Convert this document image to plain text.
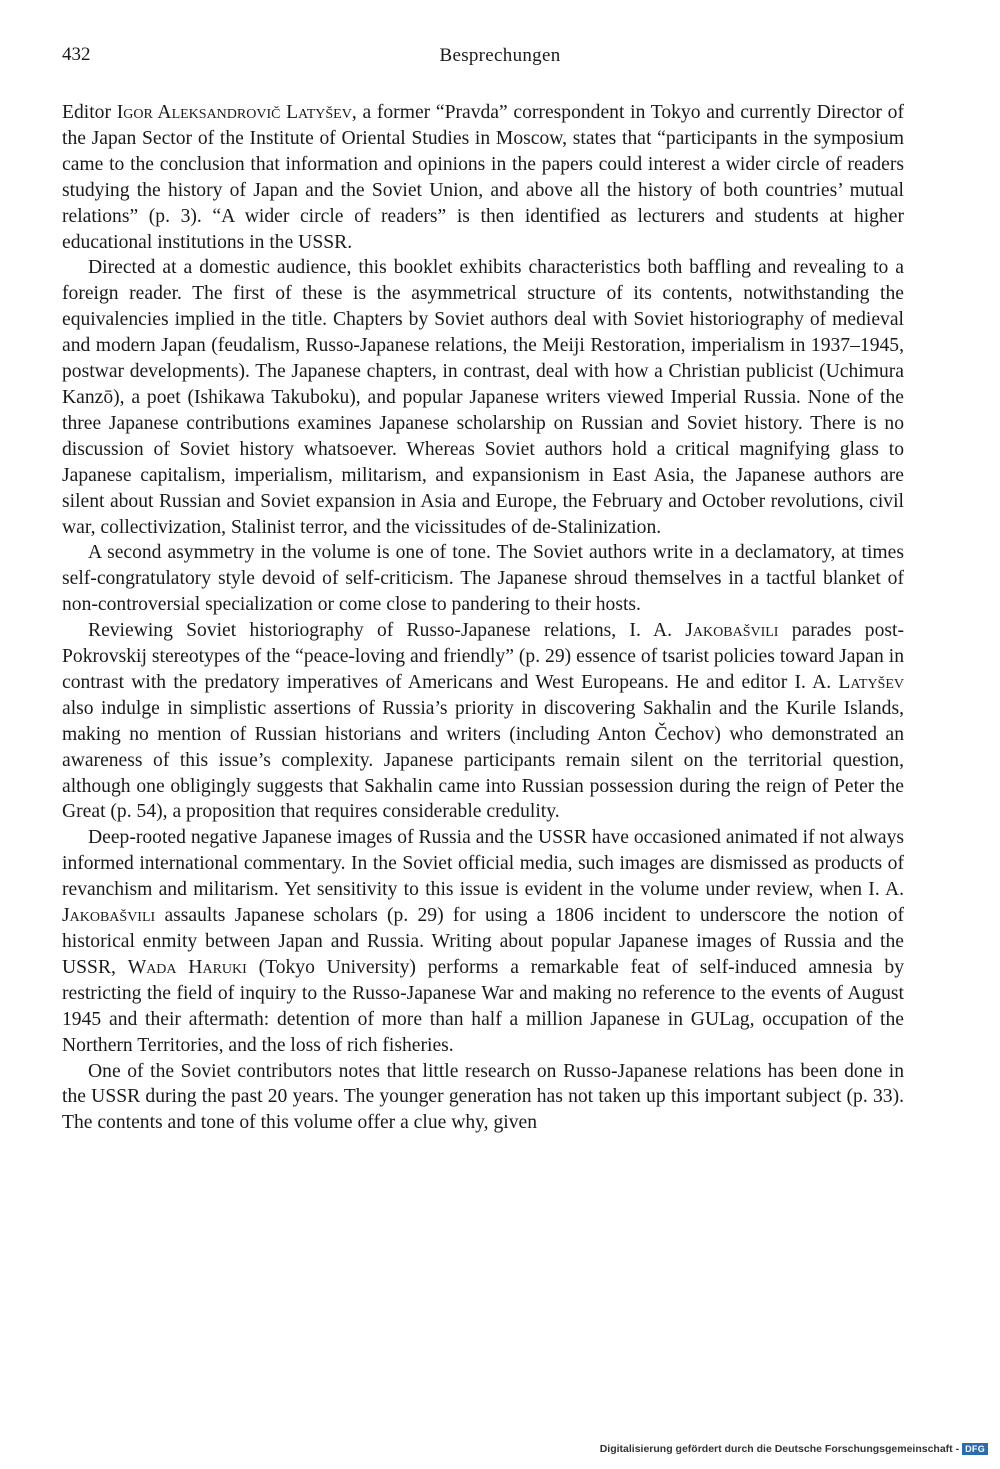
432	Besprechungen

Editor Igor Aleksandrovič Latyšev, a former “Pravda” correspondent in Tokyo and currently Director of the Japan Sector of the Institute of Oriental Studies in Moscow, states that “participants in the symposium came to the conclusion that information and opinions in the papers could interest a wider circle of readers studying the history of Japan and the Soviet Union, and above all the history of both countries’ mutual relations” (p. 3). “A wider circle of readers” is then identified as lecturers and students at higher educational institutions in the USSR.

Directed at a domestic audience, this booklet exhibits characteristics both baffling and revealing to a foreign reader. The first of these is the asymmetrical structure of its contents, notwithstanding the equivalencies implied in the title. Chapters by Soviet authors deal with Soviet historiography of medieval and modern Japan (feudalism, Russo-Japanese relations, the Meiji Restoration, imperialism in 1937–1945, postwar developments). The Japanese chapters, in contrast, deal with how a Christian publicist (Uchimura Kanzō), a poet (Ishikawa Takuboku), and popular Japanese writers viewed Imperial Russia. None of the three Japanese contributions examines Japanese scholarship on Russian and Soviet history. There is no discussion of Soviet history whatsoever. Whereas Soviet authors hold a critical magnifying glass to Japanese capitalism, imperialism, militarism, and expansionism in East Asia, the Japanese authors are silent about Russian and Soviet expansion in Asia and Europe, the February and October revolutions, civil war, collectivization, Stalinist terror, and the vicissitudes of de-Stalinization.

A second asymmetry in the volume is one of tone. The Soviet authors write in a declamatory, at times self-congratulatory style devoid of self-criticism. The Japanese shroud themselves in a tactful blanket of non-controversial specialization or come close to pandering to their hosts.

Reviewing Soviet historiography of Russo-Japanese relations, I. A. Jakobašvili parades post-Pokrovskij stereotypes of the “peace-loving and friendly” (p. 29) essence of tsarist policies toward Japan in contrast with the predatory imperatives of Americans and West Europeans. He and editor I. A. Latyšev also indulge in simplistic assertions of Russia’s priority in discovering Sakhalin and the Kurile Islands, making no mention of Russian historians and writers (including Anton Čechov) who demonstrated an awareness of this issue’s complexity. Japanese participants remain silent on the territorial question, although one obligingly suggests that Sakhalin came into Russian possession during the reign of Peter the Great (p. 54), a proposition that requires considerable credulity.

Deep-rooted negative Japanese images of Russia and the USSR have occasioned animated if not always informed international commentary. In the Soviet official media, such images are dismissed as products of revanchism and militarism. Yet sensitivity to this issue is evident in the volume under review, when I. A. Jakobašvili assaults Japanese scholars (p. 29) for using a 1806 incident to underscore the notion of historical enmity between Japan and Russia. Writing about popular Japanese images of Russia and the USSR, Wada Haruki (Tokyo University) performs a remarkable feat of self-induced amnesia by restricting the field of inquiry to the Russo-Japanese War and making no reference to the events of August 1945 and their aftermath: detention of more than half a million Japanese in GULag, occupation of the Northern Territories, and the loss of rich fisheries.

One of the Soviet contributors notes that little research on Russo-Japanese relations has been done in the USSR during the past 20 years. The younger generation has not taken up this important subject (p. 33). The contents and tone of this volume offer a clue why, given

Digitalisierung gefördert durch die Deutsche Forschungsgemeinschaft - DFG
